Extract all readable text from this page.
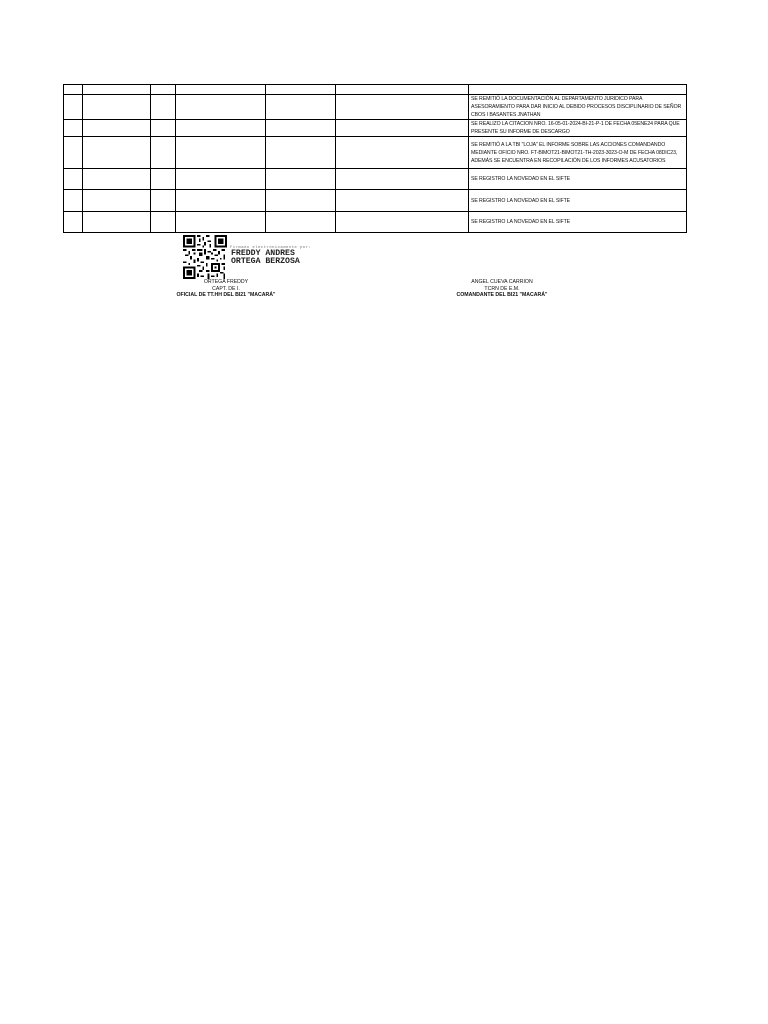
						SE REMITIÓ LA DOCUMENTACIÓN AL DEPARTAMENTO JURIDICO PARA ASESORAMIENTO PARA DAR INICIO AL DEBIDO PROCESOS DISCIPLINARIO DE SEÑOR CBOS I BASANTES JNATHAN
						SE REALIZO LA CITACION NRO. 16-05-01-2024-BI-21-P-1 DE FECHA 05ENE24 PARA QUE PRESENTE SU INFORME DE DESCARGO
						SE REMITIÓ A LA TBI "LOJA" EL INFORME SOBRE LAS ACCIONES COMANDANDO MEDIANTE OFICIO NRO. FT-BIMOT21-BIMOT21-TH-2023-3023-O-M DE FECHA 08DIC23, ADEMÁS SE ENCUENTRA EN RECOPILACIÓN DE LOS INFORMES ACUSATORIOS
						SE REGISTRO LA NOVEDAD EN EL SIFTE
						SE REGISTRO LA NOVEDAD EN EL SIFTE
						SE REGISTRO LA NOVEDAD EN EL SIFTE
Firmado electrónicamente por:
FREDDY ANDRES
ORTEGA BERZOSA
ORTEGA FREDDY
CAPT. DE I.
OFICIAL DE TT.HH DEL BI21 "MACARÁ"
ANGEL CUEVA CARRION
TCRN DE E.M.
COMANDANTE DEL BI21 "MACARÁ"
